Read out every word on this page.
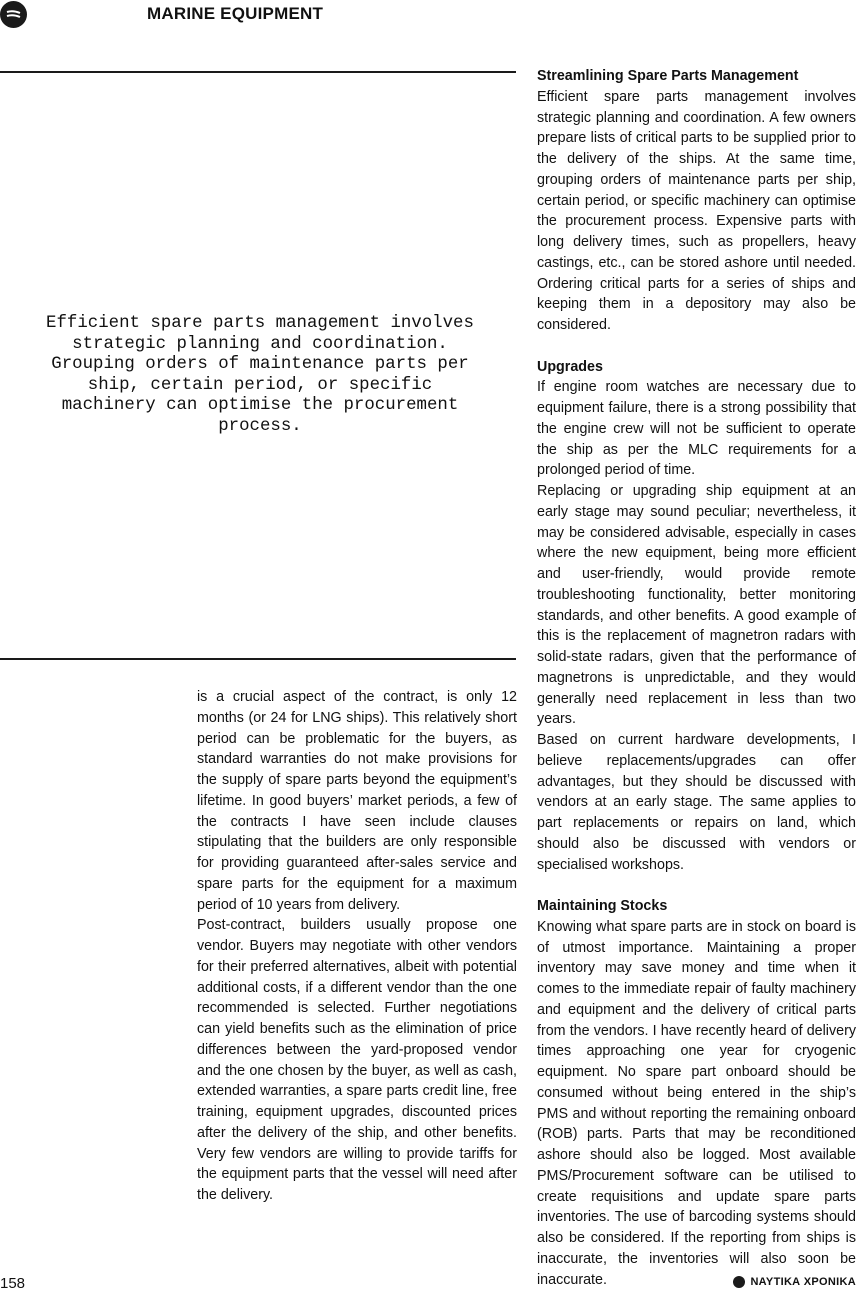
MARINE EQUIPMENT

Efficient spare parts management involves strategic planning and coordination. Grouping orders of maintenance parts per ship, certain period, or specific machinery can optimise the procurement process.

is a crucial aspect of the contract, is only 12 months (or 24 for LNG ships). This relatively short period can be problematic for the buyers, as standard warranties do not make provisions for the supply of spare parts beyond the equipment’s lifetime. In good buyers’ market periods, a few of the contracts I have seen include clauses stipulating that the builders are only responsible for providing guaranteed after-sales service and spare parts for the equipment for a maximum period of 10 years from delivery.

Post-contract, builders usually propose one vendor. Buyers may negotiate with other vendors for their preferred alternatives, albeit with potential additional costs, if a different vendor than the one recommended is selected. Further negotiations can yield benefits such as the elimination of price differences between the yard-proposed vendor and the one chosen by the buyer, as well as cash, extended warranties, a spare parts credit line, free training, equipment upgrades, discounted prices after the delivery of the ship, and other benefits. Very few vendors are willing to provide tariffs for the equipment parts that the vessel will need after the delivery.

Streamlining Spare Parts Management

Efficient spare parts management involves strategic planning and coordination. A few owners prepare lists of critical parts to be supplied prior to the delivery of the ships. At the same time, grouping orders of maintenance parts per ship, certain period, or specific machinery can optimise the procurement process. Expensive parts with long delivery times, such as propellers, heavy castings, etc., can be stored ashore until needed. Ordering critical parts for a series of ships and keeping them in a depository may also be considered.

Upgrades

If engine room watches are necessary due to equipment failure, there is a strong possibility that the engine crew will not be sufficient to operate the ship as per the MLC requirements for a prolonged period of time.

Replacing or upgrading ship equipment at an early stage may sound peculiar; nevertheless, it may be considered advisable, especially in cases where the new equipment, being more efficient and user-friendly, would provide remote troubleshooting functionality, better monitoring standards, and other benefits. A good example of this is the replacement of magnetron radars with solid-state radars, given that the performance of magnetrons is unpredictable, and they would generally need replacement in less than two years.

Based on current hardware developments, I believe replacements/upgrades can offer advantages, but they should be discussed with vendors at an early stage. The same applies to part replacements or repairs on land, which should also be discussed with vendors or specialised workshops.

Maintaining Stocks

Knowing what spare parts are in stock on board is of utmost importance. Maintaining a proper inventory may save money and time when it comes to the immediate repair of faulty machinery and equipment and the delivery of critical parts from the vendors. I have recently heard of delivery times approaching one year for cryogenic equipment. No spare part onboard should be consumed without being entered in the ship’s PMS and without reporting the remaining onboard (ROB) parts. Parts that may be reconditioned ashore should also be logged. Most available PMS/Procurement software can be utilised to create requisitions and update spare parts inventories. The use of barcoding systems should also be considered. If the reporting from ships is inaccurate, the inventories will also soon be inaccurate.

158	ΝΑΥΤΙΚΑ ΧΡΟΝΙΚΑ
